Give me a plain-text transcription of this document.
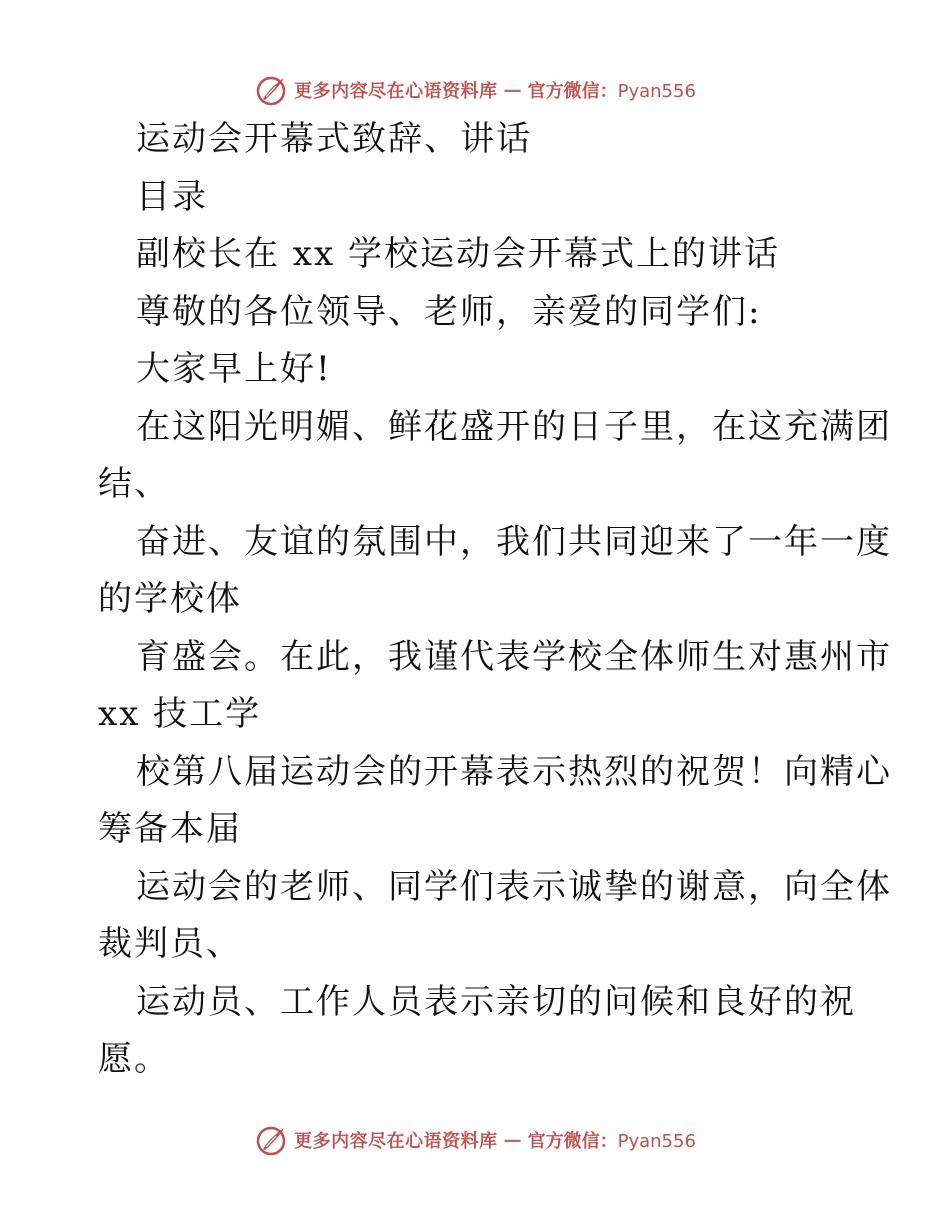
更多内容尽在心语资料库 — 官方微信：Pyan556
运动会开幕式致辞、讲话
目录
副校长在 xx 学校运动会开幕式上的讲话
尊敬的各位领导、老师，亲爱的同学们:
大家早上好!
在这阳光明媚、鲜花盛开的日子里，在这充满团
结、
奋进、友谊的氛围中，我们共同迎来了一年一度
的学校体
育盛会。在此，我谨代表学校全体师生对惠州市
xx 技工学
校第八届运动会的开幕表示热烈的祝贺！向精心
筹备本届
运动会的老师、同学们表示诚挚的谢意，向全体
裁判员、
运动员、工作人员表示亲切的问候和良好的祝
愿。
更多内容尽在心语资料库 — 官方微信：Pyan556
